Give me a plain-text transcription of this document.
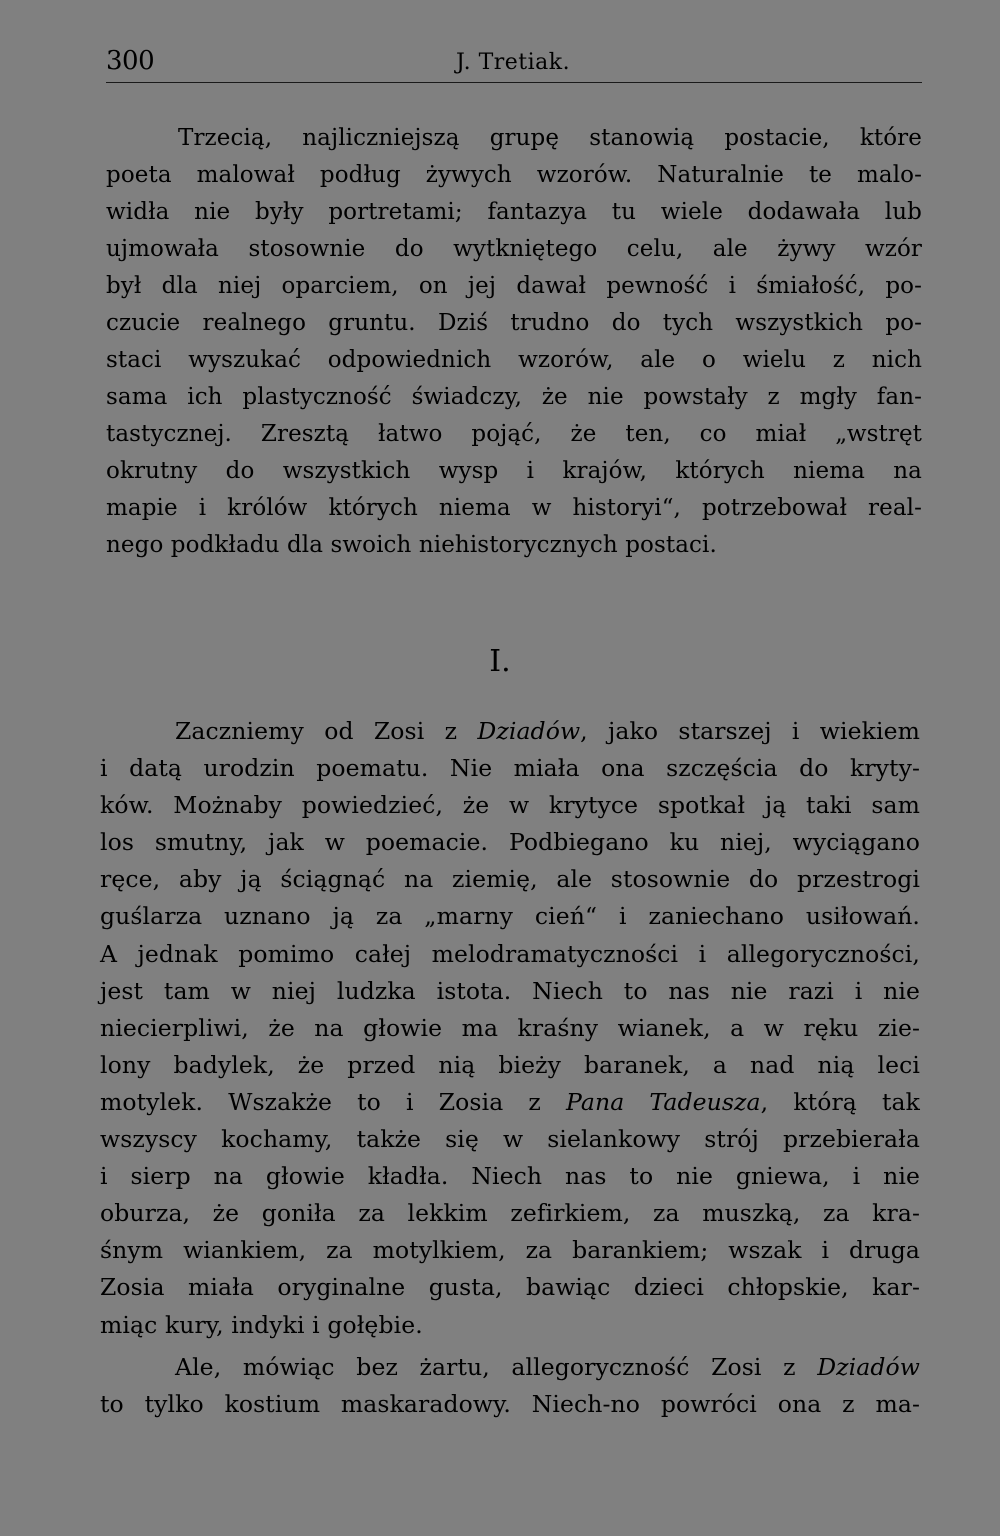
300	J. Tretiak.

Trzecią, najliczniejszą grupę stanowią postacie, które
poeta malował podług żywych wzorów. Naturalnie te malo-
widła nie były portretami; fantazya tu wiele dodawała lub
ujmowała stosownie do wytkniętego celu, ale żywy wzór
był dla niej oparciem, on jej dawał pewność i śmiałość, po-
czucie realnego gruntu. Dziś trudno do tych wszystkich po-
staci wyszukać odpowiednich wzorów, ale o wielu z nich
sama ich plastyczność świadczy, że nie powstały z mgły fan-
tastycznej. Zresztą łatwo pojąć, że ten, co miał „wstręt
okrutny do wszystkich wysp i krajów, których niema na
mapie i królów których niema w historyi“, potrzebował real-
nego podkładu dla swoich niehistorycznych postaci.

I.

Zaczniemy od Zosi z Dziadów, jako starszej i wiekiem
i datą urodzin poematu. Nie miała ona szczęścia do kryty-
ków. Możnaby powiedzieć, że w krytyce spotkał ją taki sam
los smutny, jak w poemacie. Podbiegano ku niej, wyciągano
ręce, aby ją ściągnąć na ziemię, ale stosownie do przestrogi
guślarza uznano ją za „marny cień“ i zaniechano usiłowań.
A jednak pomimo całej melodramatyczności i allegoryczności,
jest tam w niej ludzka istota. Niech to nas nie razi i nie
niecierpliwi, że na głowie ma kraśny wianek, a w ręku zie-
lony badylek, że przed nią bieży baranek, a nad nią leci
motylek. Wszakże to i Zosia z Pana Tadeusza, którą tak
wszyscy kochamy, także się w sielankowy strój przebierała
i sierp na głowie kładła. Niech nas to nie gniewa, i nie
oburza, że goniła za lekkim zefirkiem, za muszką, za kra-
śnym wiankiem, za motylkiem, za barankiem; wszak i druga
Zosia miała oryginalne gusta, bawiąc dzieci chłopskie, kar-
miąc kury, indyki i gołębie.

Ale, mówiąc bez żartu, allegoryczność Zosi z Dziadów
to tylko kostium maskaradowy. Niech-no powróci ona z ma-
